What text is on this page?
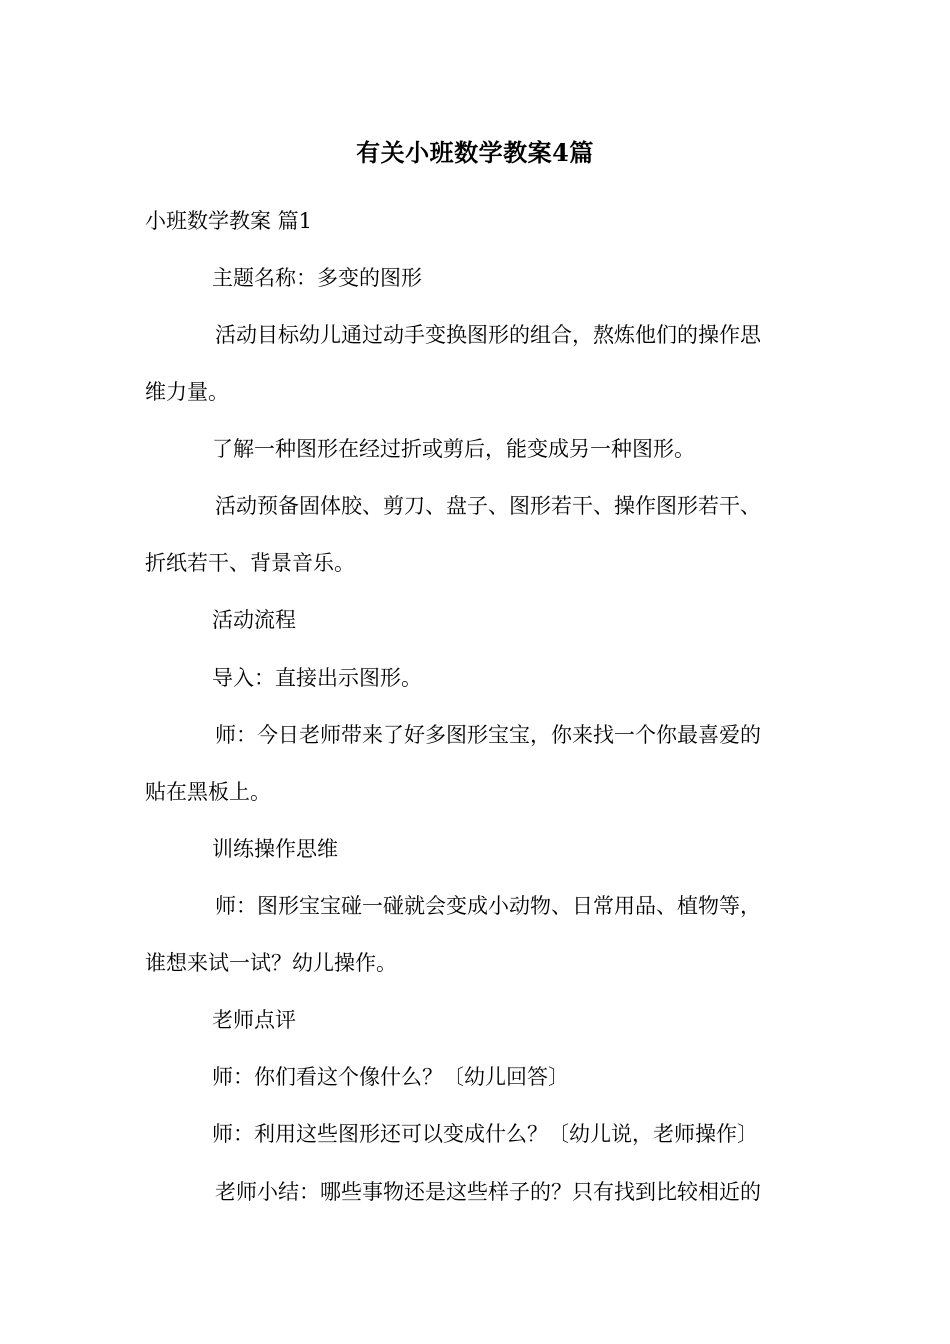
有关小班数学教案4篇
小班数学教案 篇1
主题名称：多变的图形
活动目标幼儿通过动手变换图形的组合，熬炼他们的操作思
维力量。
了解一种图形在经过折或剪后，能变成另一种图形。
活动预备固体胶、剪刀、盘子、图形若干、操作图形若干、
折纸若干、背景音乐。
活动流程
导入：直接出示图形。
师：今日老师带来了好多图形宝宝，你来找一个你最喜爱的
贴在黑板上。
训练操作思维
师：图形宝宝碰一碰就会变成小动物、日常用品、植物等，
谁想来试一试？幼儿操作。
老师点评
师：你们看这个像什么？〔幼儿回答〕
师：利用这些图形还可以变成什么？〔幼儿说，老师操作〕
老师小结：哪些事物还是这些样子的？只有找到比较相近的
